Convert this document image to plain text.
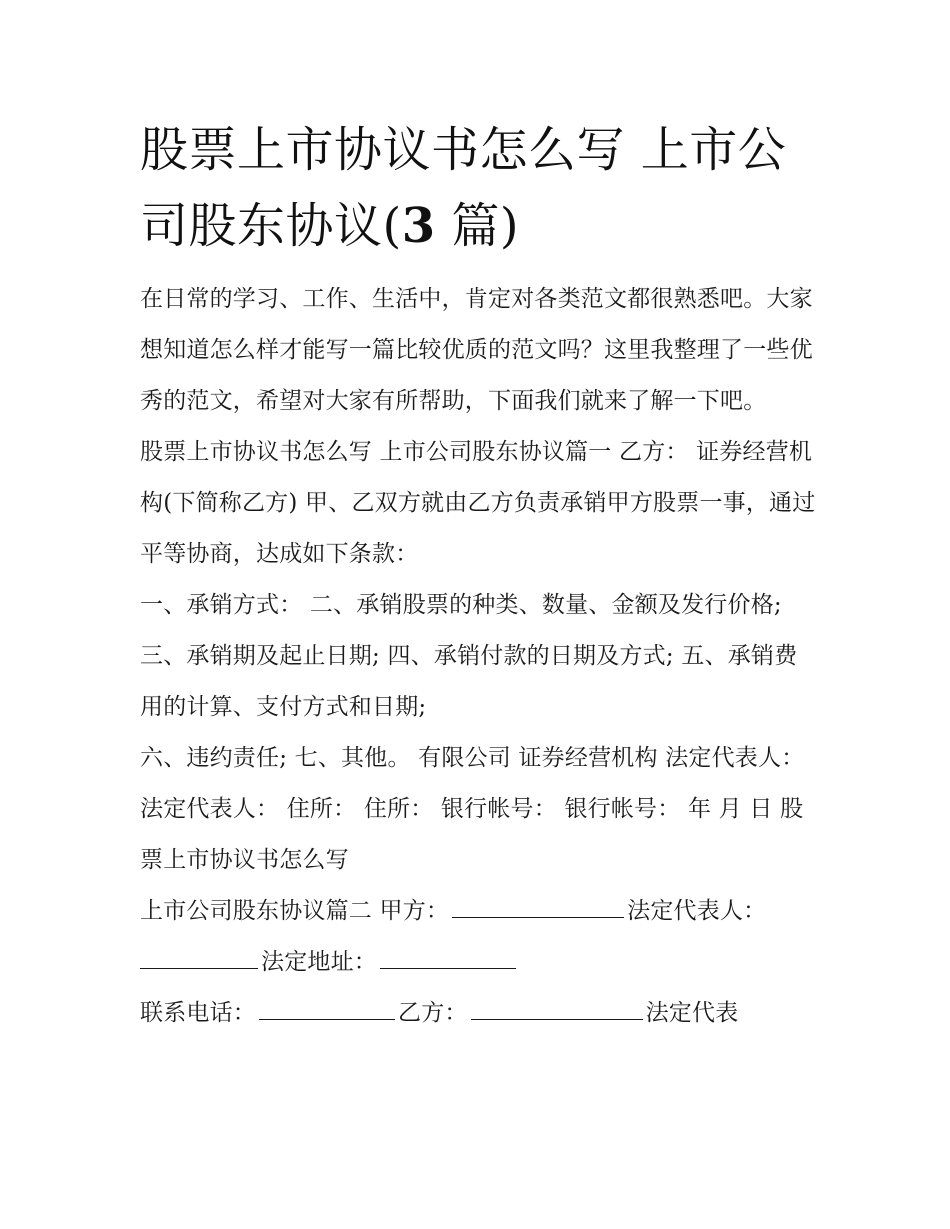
股票上市协议书怎么写 上市公司股东协议(3 篇)

在日常的学习、工作、生活中，肯定对各类范文都很熟悉吧。大家想知道怎么样才能写一篇比较优质的范文吗？这里我整理了一些优秀的范文，希望对大家有所帮助，下面我们就来了解一下吧。

股票上市协议书怎么写 上市公司股东协议篇一 乙方： 证券经营机构(下简称乙方) 甲、乙双方就由乙方负责承销甲方股票一事，通过平等协商，达成如下条款：

一、承销方式： 二、承销股票的种类、数量、金额及发行价格; 三、承销期及起止日期; 四、承销付款的日期及方式; 五、承销费用的计算、支付方式和日期;

六、违约责任; 七、其他。 有限公司 证券经营机构 法定代表人： 法定代表人： 住所： 住所： 银行帐号： 银行帐号： 年 月 日 股票上市协议书怎么写

上市公司股东协议篇二 甲方：	法定代表人：法定地址：

联系电话：	乙方：	法定代表
